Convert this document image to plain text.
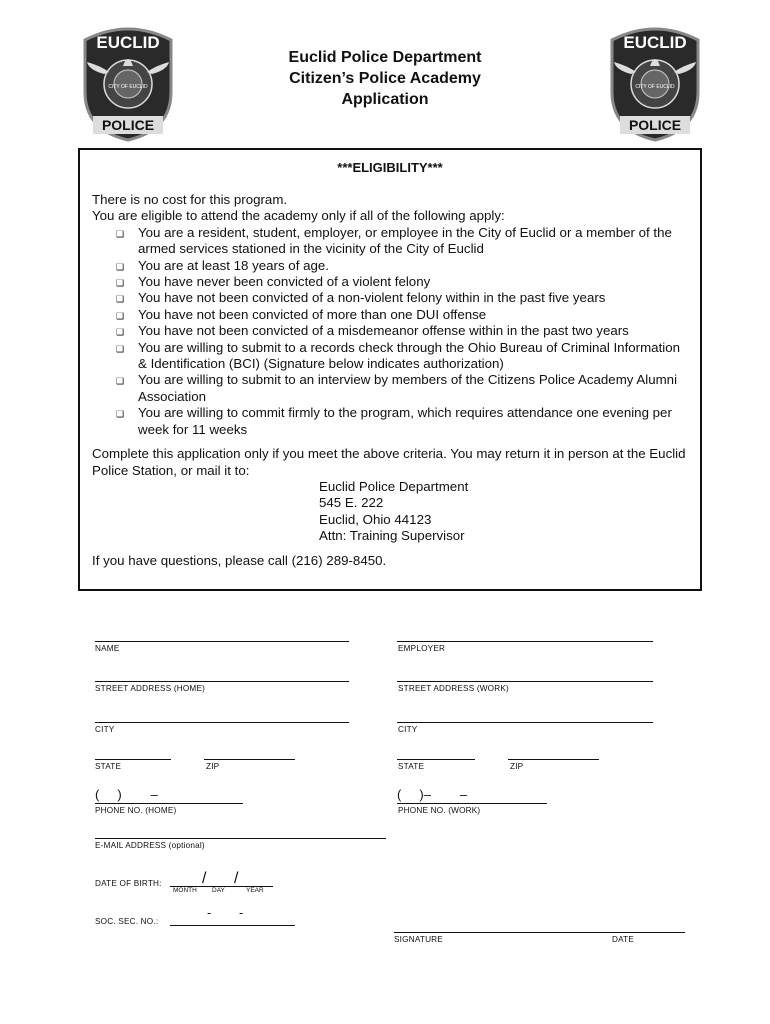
EUCLID
CITY OF EUCLID
POLICE
EUCLID
CITY OF EUCLID
POLICE
Euclid Police Department
Citizen’s Police Academy
Application
***ELIGIBILITY***

There is no cost for this program.

You are eligible to attend the academy only if all of the following apply:

❑ You are a resident, student, employer, or employee in the City of Euclid or a member of the armed services stationed in the vicinity of the City of Euclid
❑ You are at least 18 years of age.
❑ You have never been convicted of a violent felony
❑ You have not been convicted of a non-violent felony within in the past five years
❑ You have not been convicted of more than one DUI offense
❑ You have not been convicted of a misdemeanor offense within in the past two years
❑ You are willing to submit to a records check through the Ohio Bureau of Criminal Information & Identification (BCI) (Signature below indicates authorization)
❑ You are willing to submit to an interview by members of the Citizens Police Academy Alumni Association
❑ You are willing to commit firmly to the program, which requires attendance one evening per week for 11 weeks

Complete this application only if you meet the above criteria. You may return it in person at the Euclid Police Station, or mail it to:

Euclid Police Department
545 E. 222
Euclid, Ohio 44123
Attn: Training Supervisor

If you have questions, please call (216) 289-8450.

NAME	EMPLOYER
STREET ADDRESS (HOME)	STREET ADDRESS (WORK)
CITY	CITY
STATE	ZIP	STATE	ZIP
(     )        –
PHONE NO. (HOME)
(     )–        –
PHONE NO. (WORK)
E-MAIL ADDRESS (optional)
DATE OF BIRTH:	/ /
MONTH DAY	YEAR
SOC. SEC. NO.:
- -
SIGNATURE	DATE
